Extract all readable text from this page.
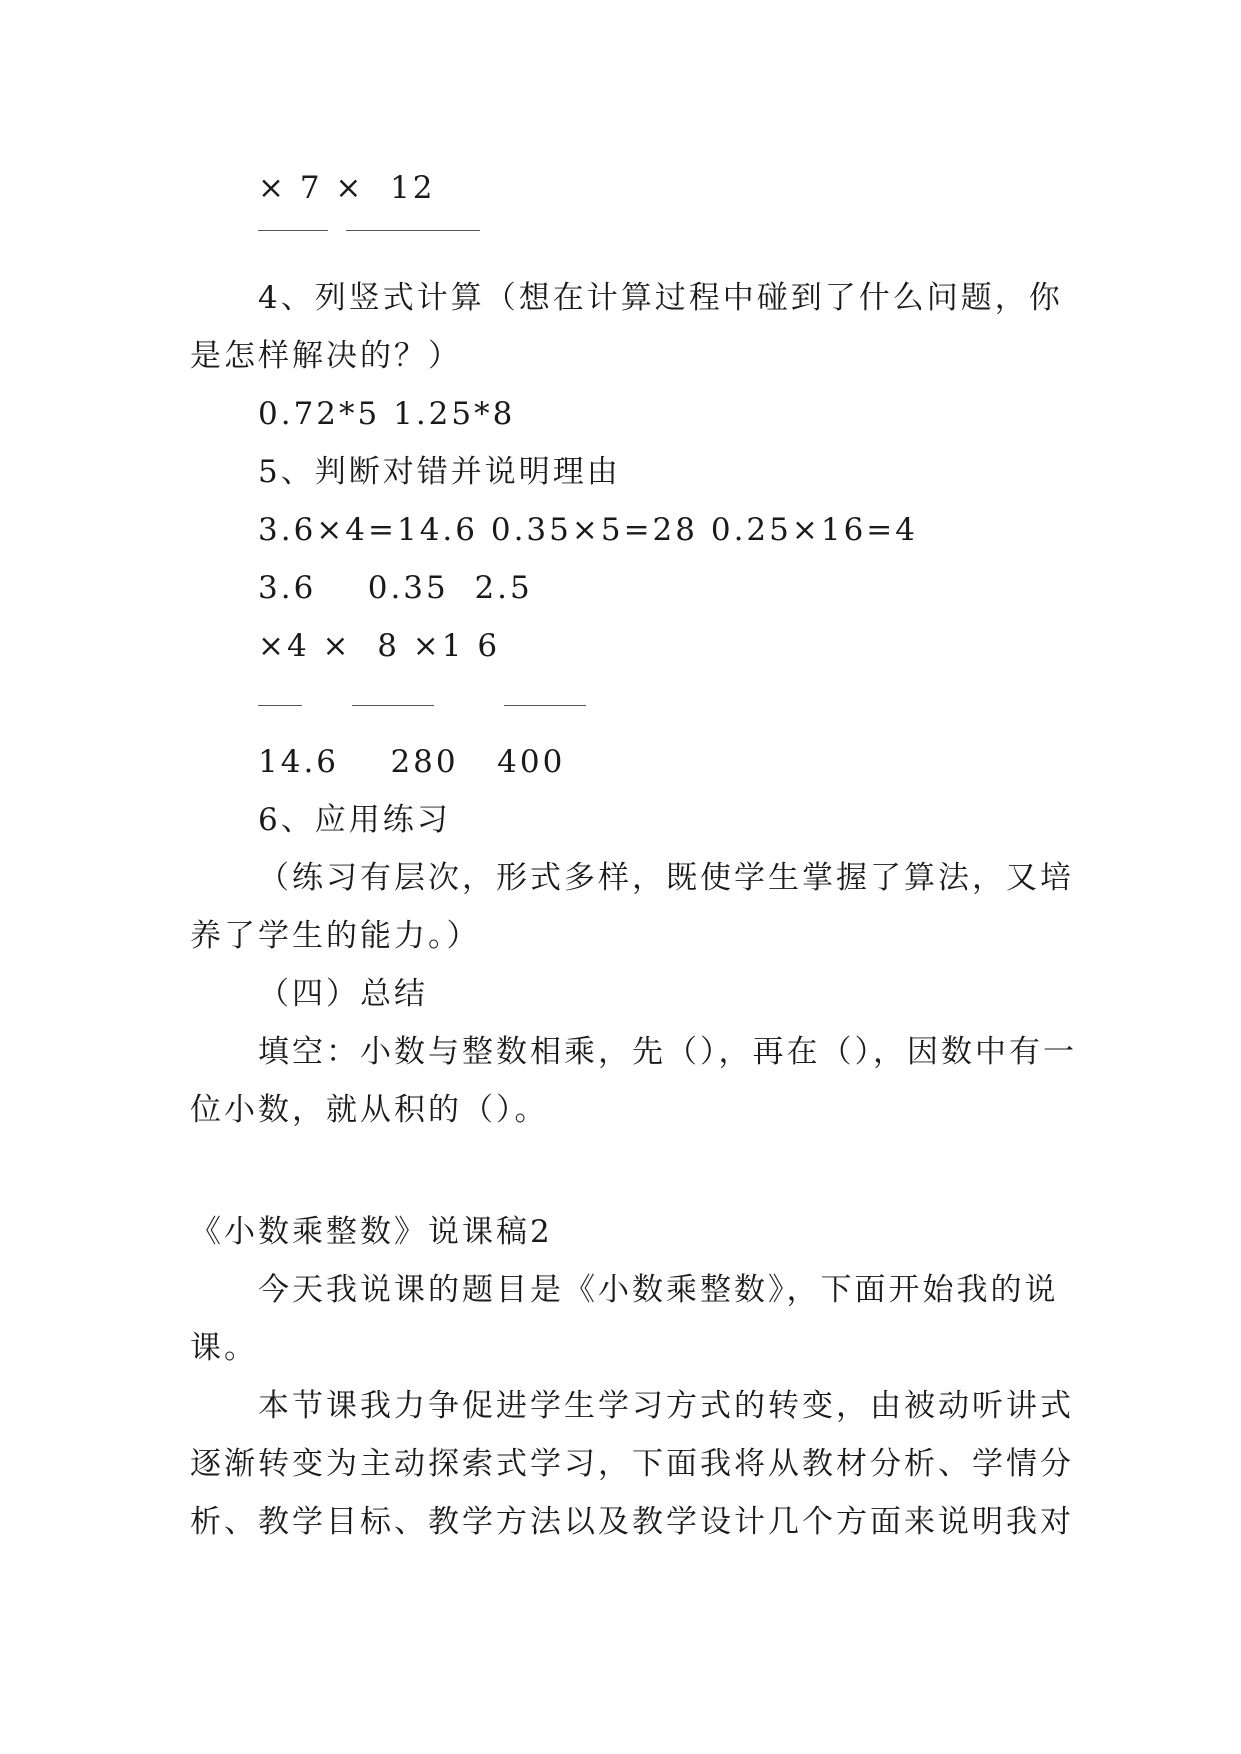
× 7 ×  12
4、列竖式计算（想在计算过程中碰到了什么问题，你
是怎样解决的？）
0.72*5 1.25*8
5、判断对错并说明理由
3.6×4=14.6 0.35×5=28 0.25×16=4
3.6    0.35  2.5
×4 ×  8 ×1 6
14.6    280   400
6、应用练习
（练习有层次，形式多样，既使学生掌握了算法，又培
养了学生的能力。）
（四）总结
填空：小数与整数相乘，先（），再在（），因数中有一
位小数，就从积的（）。
《小数乘整数》说课稿2
今天我说课的题目是《小数乘整数》，下面开始我的说
课。
本节课我力争促进学生学习方式的转变，由被动听讲式
逐渐转变为主动探索式学习，下面我将从教材分析、学情分
析、教学目标、教学方法以及教学设计几个方面来说明我对
